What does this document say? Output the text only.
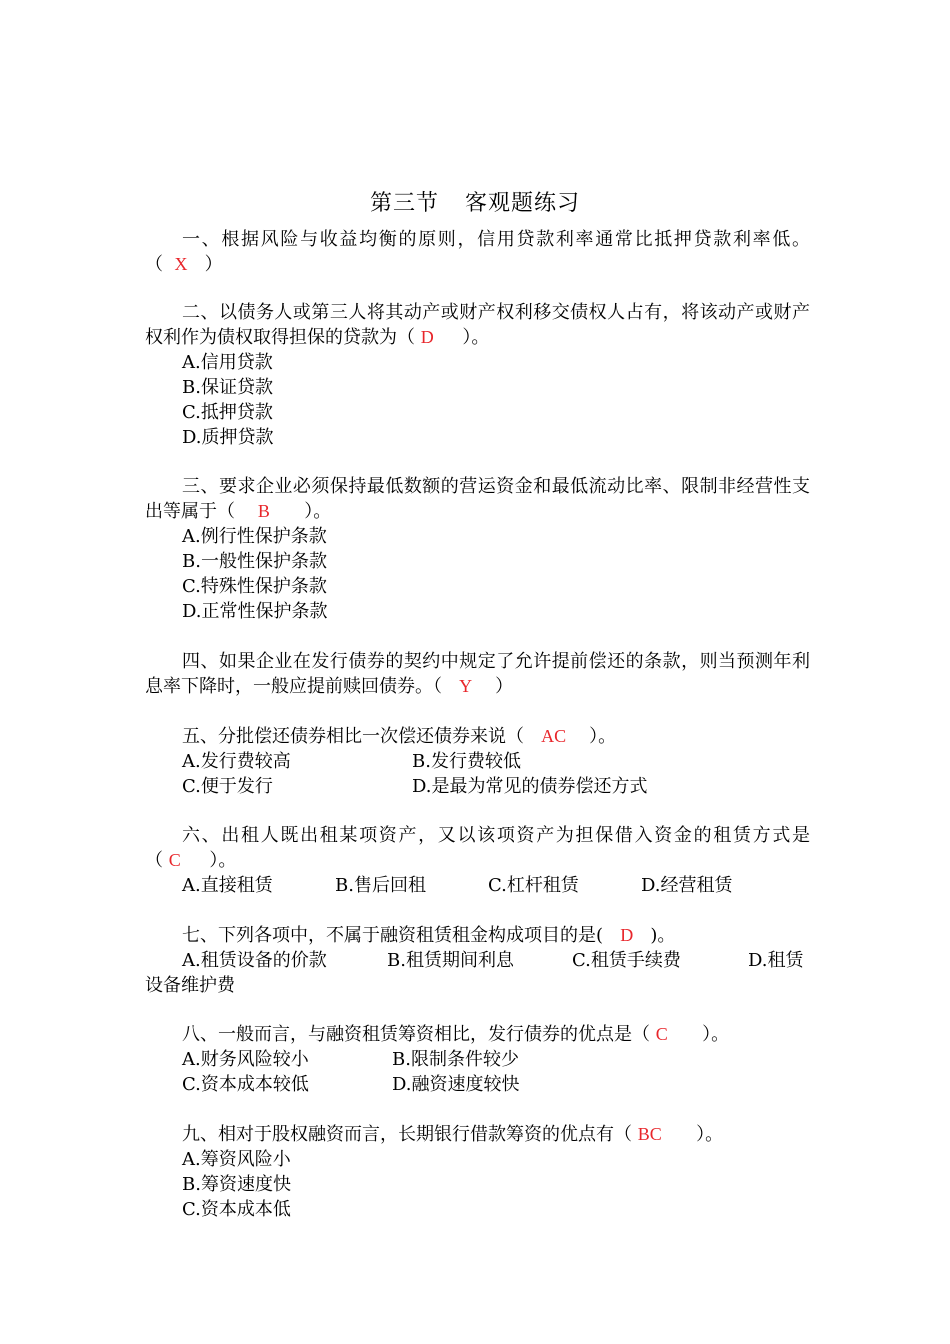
第三节 客观题练习

一、根据风险与收益均衡的原则，信用贷款利率通常比抵押贷款利率低。（ X ）

二、以债务人或第三人将其动产或财产权利移交债权人占有，将该动产或财产权利作为债权取得担保的贷款为（ D ）。

A.信用贷款

B.保证贷款

C.抵押贷款

D.质押贷款

三、要求企业必须保持最低数额的营运资金和最低流动比率、限制非经营性支出等属于（ B ）。

A.例行性保护条款

B.一般性保护条款

C.特殊性保护条款

D.正常性保护条款

四、如果企业在发行债券的契约中规定了允许提前偿还的条款，则当预测年利息率下降时，一般应提前赎回债券。（ Y ）

五、分批偿还债券相比一次偿还债券来说（ AC ）。

A.发行费较高	B.发行费较低
C.便于发行	D.是最为常见的债券偿还方式

六、出租人既出租某项资产，又以该项资产为担保借入资金的租赁方式是（ C ）。

A.直接租赁	B.售后回租	C.杠杆租赁	D.经营租赁

七、下列各项中，不属于融资租赁租金构成项目的是( D )。

A.租赁设备的价款	B.租赁期间利息	C.租赁手续费	D.租赁

设备维护费

八、一般而言，与融资租赁筹资相比，发行债券的优点是（ C ）。

A.财务风险较小	B.限制条件较少
C.资本成本较低	D.融资速度较快

九、相对于股权融资而言，长期银行借款筹资的优点有（ BC ）。

A.筹资风险小

B.筹资速度快

C.资本成本低
